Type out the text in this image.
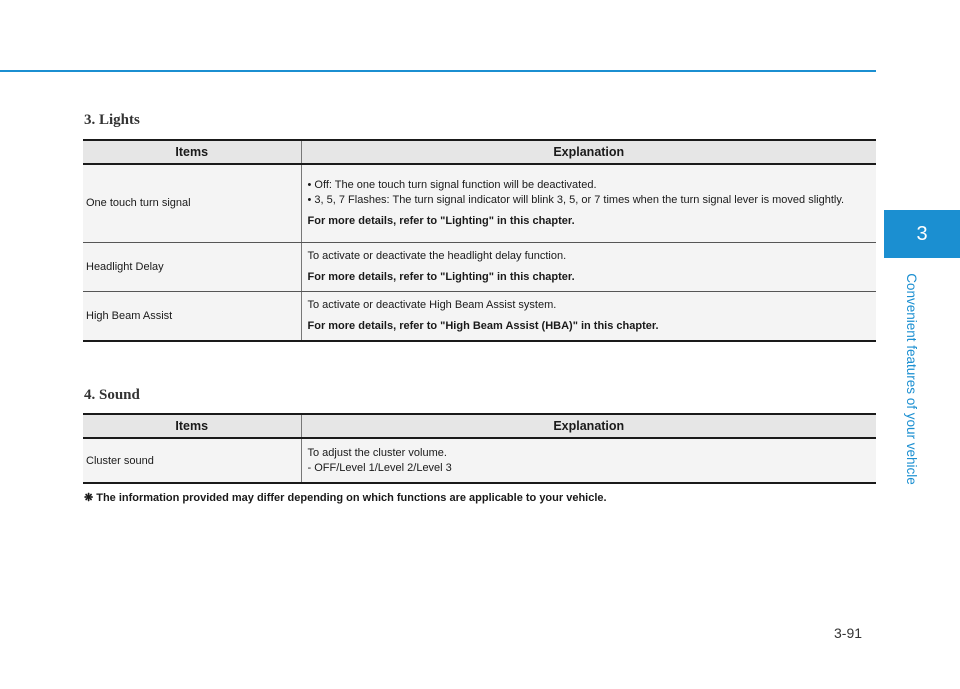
3. Lights
Items	Explanation
One touch turn signal	• Off: The one touch turn signal function will be deactivated.
• 3, 5, 7 Flashes: The turn signal indicator will blink 3, 5, or 7 times when the turn signal lever is moved slightly.
For more details, refer to "Lighting" in this chapter.

Headlight Delay	To activate or deactivate the headlight delay function.
For more details, refer to "Lighting" in this chapter.

High Beam Assist	To activate or deactivate High Beam Assist system.
For more details, refer to "High Beam Assist (HBA)" in this chapter.
4. Sound
Items	Explanation
Cluster sound	To adjust the cluster volume.
- OFF/Level 1/Level 2/Level 3
❋ The information provided may differ depending on which functions are applicable to your vehicle.
3
Convenient features of your vehicle
3-91
